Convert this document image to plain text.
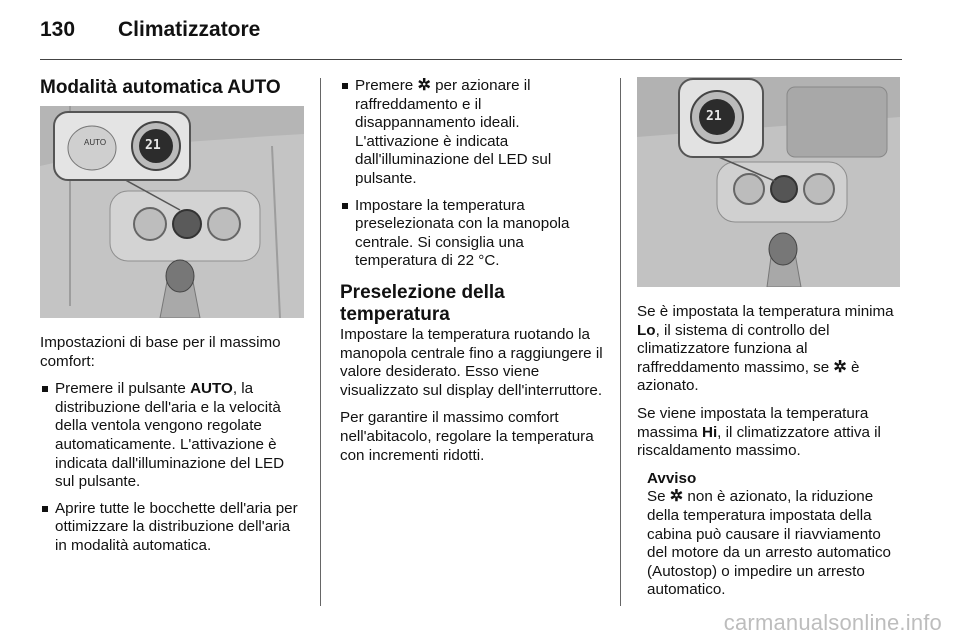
130 Climatizzatore
Modalità automatica AUTO
AUTO	21

Impostazioni di base per il massimo comfort:

Premere il pulsante AUTO, la distribuzione dell'aria e la velocità della ventola vengono regolate automaticamente. L'attivazione è indicata dall'illuminazione del LED sul pulsante.
Aprire tutte le bocchette dell'aria per ottimizzare la distribuzione dell'aria in modalità automatica.
Premere ✲ per azionare il raffreddamento e il disappannamento ideali. L'attivazione è indicata dall'illuminazione del LED sul pulsante.
Impostare la temperatura preselezionata con la manopola centrale. Si consiglia una temperatura di 22 °C.
Preselezione della temperatura

Impostare la temperatura ruotando la manopola centrale fino a raggiungere il valore desiderato. Esso viene visualizzato sul display dell'interruttore.

Per garantire il massimo comfort nell'abitacolo, regolare la temperatura con incrementi ridotti.

21

Se è impostata la temperatura minima Lo, il sistema di controllo del climatizzatore funziona al raffreddamento massimo, se ✲ è azionato.

Se viene impostata la temperatura massima Hi, il climatizzatore attiva il riscaldamento massimo.

Avviso
Se ✲ non è azionato, la riduzione della temperatura impostata della cabina può causare il riavviamento del motore da un arresto automatico (Autostop) o impedire un arresto automatico.
carmanualsonline.info
